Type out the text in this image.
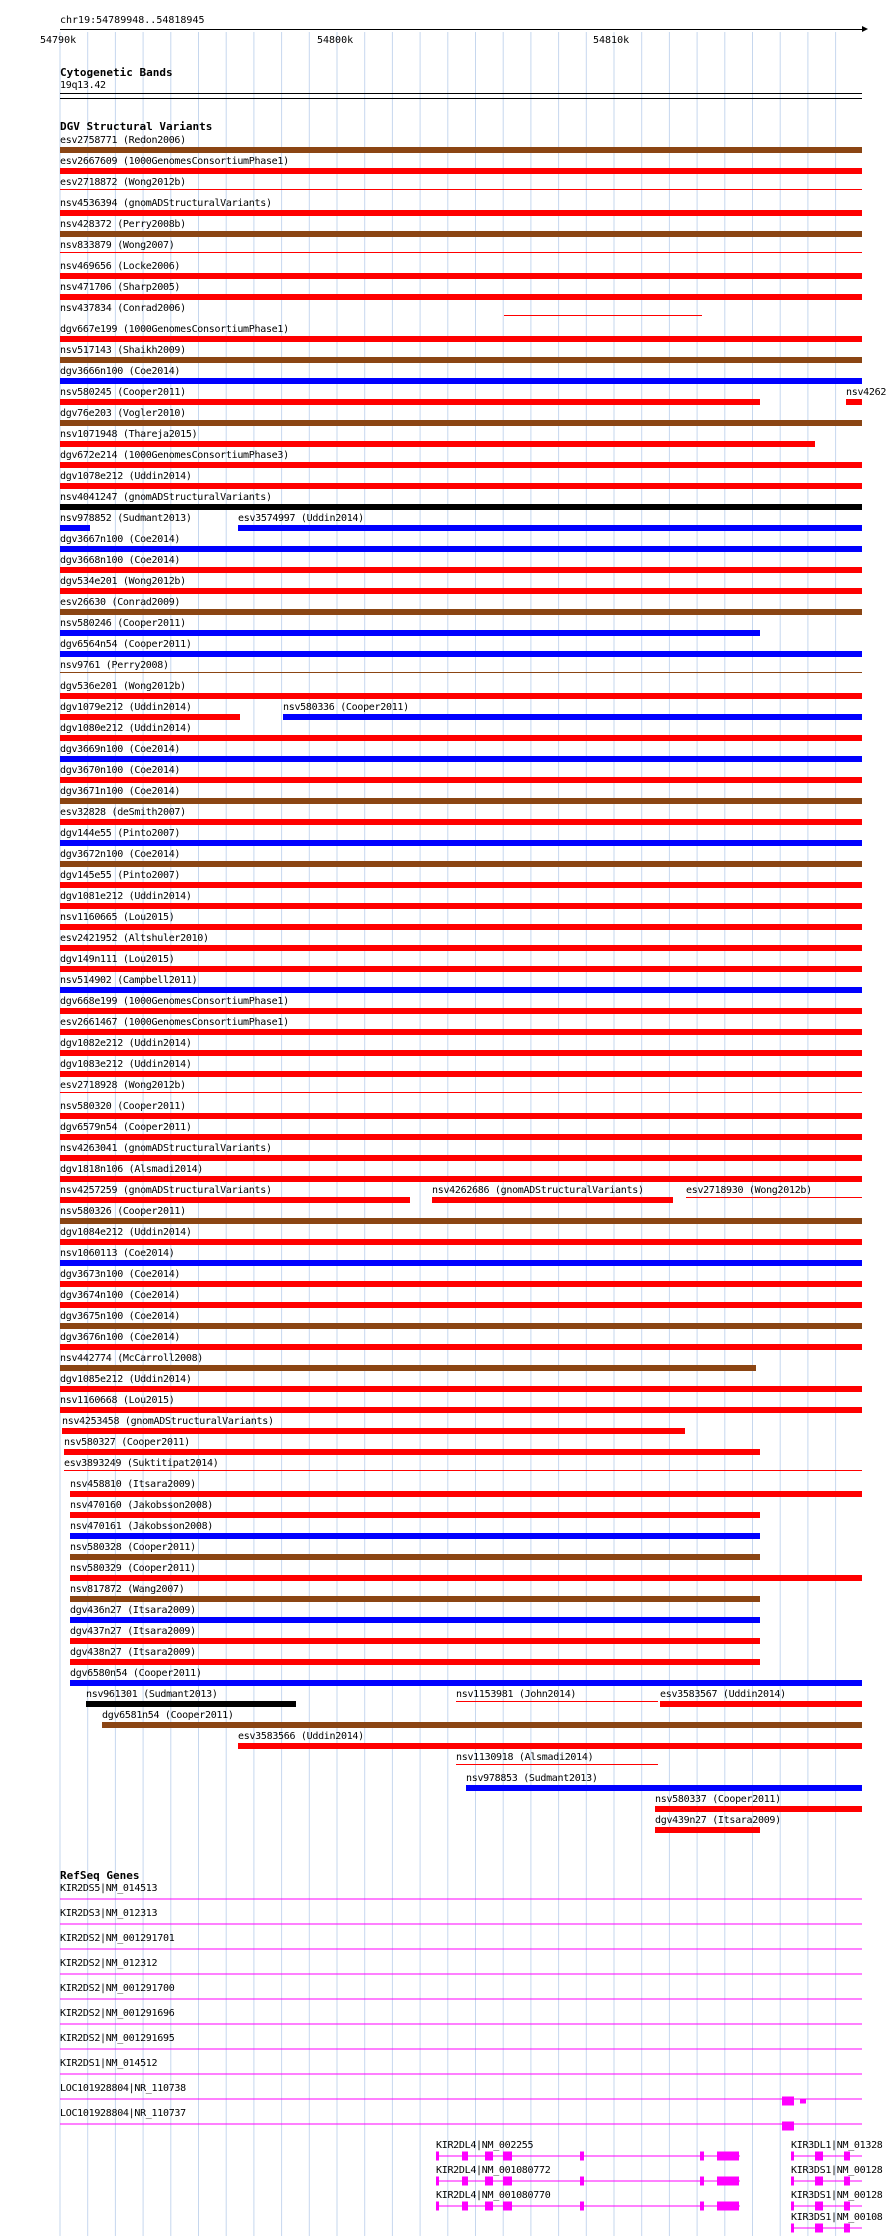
chr19:54789948..54818945
54790k	54800k	54810k
Cytogenetic Bands
19q13.42
DGV Structural Variants
esv2758771 (Redon2006)
esv2667609 (1000GenomesConsortiumPhase1)
esv2718872 (Wong2012b)
nsv4536394 (gnomADStructuralVariants)
nsv428372 (Perry2008b)
nsv833879 (Wong2007)
nsv469656 (Locke2006)
nsv471706 (Sharp2005)
nsv437834 (Conrad2006)
dgv667e199 (1000GenomesConsortiumPhase1)
nsv517143 (Shaikh2009)
dgv3666n100 (Coe2014)
nsv580245 (Cooper2011)
dgv76e203 (Vogler2010)
nsv1071948 (Thareja2015)
dgv672e214 (1000GenomesConsortiumPhase3)
dgv1078e212 (Uddin2014)
nsv4041247 (gnomADStructuralVariants)
nsv978852 (Sudmant2013)
dgv3667n100 (Coe2014)
dgv3668n100 (Coe2014)
dgv534e201 (Wong2012b)
esv26630 (Conrad2009)
nsv580246 (Cooper2011)
dgv6564n54 (Cooper2011)
nsv9761 (Perry2008)
dgv536e201 (Wong2012b)
dgv1079e212 (Uddin2014)
dgv1080e212 (Uddin2014)
dgv3669n100 (Coe2014)
dgv3670n100 (Coe2014)
dgv3671n100 (Coe2014)
esv32828 (deSmith2007)
dgv144e55 (Pinto2007)
dgv3672n100 (Coe2014)
dgv145e55 (Pinto2007)
dgv1081e212 (Uddin2014)
nsv1160665 (Lou2015)
esv2421952 (Altshuler2010)
dgv149n111 (Lou2015)
nsv514902 (Campbell2011)
dgv668e199 (1000GenomesConsortiumPhase1)
esv2661467 (1000GenomesConsortiumPhase1)
dgv1082e212 (Uddin2014)
dgv1083e212 (Uddin2014)
esv2718928 (Wong2012b)
nsv580320 (Cooper2011)
dgv6579n54 (Cooper2011)
nsv4263041 (gnomADStructuralVariants)
dgv1818n106 (Alsmadi2014)
nsv4257259 (gnomADStructuralVariants)
nsv580326 (Cooper2011)
dgv1084e212 (Uddin2014)
nsv1060113 (Coe2014)
dgv3673n100 (Coe2014)
dgv3674n100 (Coe2014)
dgv3675n100 (Coe2014)
dgv3676n100 (Coe2014)
nsv442774 (McCarroll2008)
dgv1085e212 (Uddin2014)
nsv1160668 (Lou2015)
nsv4253458 (gnomADStructuralVariants)
nsv580327 (Cooper2011)
esv3893249 (Suktitipat2014)
nsv458810 (Itsara2009)
nsv470160 (Jakobsson2008)
nsv470161 (Jakobsson2008)
nsv580328 (Cooper2011)
nsv580329 (Cooper2011)
nsv817872 (Wang2007)
dgv436n27 (Itsara2009)
dgv437n27 (Itsara2009)
dgv438n27 (Itsara2009)
dgv6580n54 (Cooper2011)
nsv961301 (Sudmant2013)
dgv6581n54 (Cooper2011)
esv3583566 (Uddin2014)
nsv1130918 (Alsmadi2014)
nsv978853 (Sudmant2013)
nsv580337 (Cooper2011)
dgv439n27 (Itsara2009)
nsv4262
esv3574997 (Uddin2014)
nsv580336 (Cooper2011)
nsv4262686 (gnomADStructuralVariants)	esv2718930 (Wong2012b)
nsv1153981 (John2014)	esv3583567 (Uddin2014)
RefSeq Genes
KIR2DS5|NM_014513
KIR2DS3|NM_012313
KIR2DS2|NM_001291701
KIR2DS2|NM_012312
KIR2DS2|NM_001291700
KIR2DS2|NM_001291696
KIR2DS2|NM_001291695
KIR2DS1|NM_014512
LOC101928804|NR_110738
LOC101928804|NR_110737
KIR2DL4|NM_002255
KIR2DL4|NM_001080772
KIR2DL4|NM_001080770
KIR3DL1|NM_01328
KIR3DS1|NM_00128
KIR3DS1|NM_00128
KIR3DS1|NM_00108
